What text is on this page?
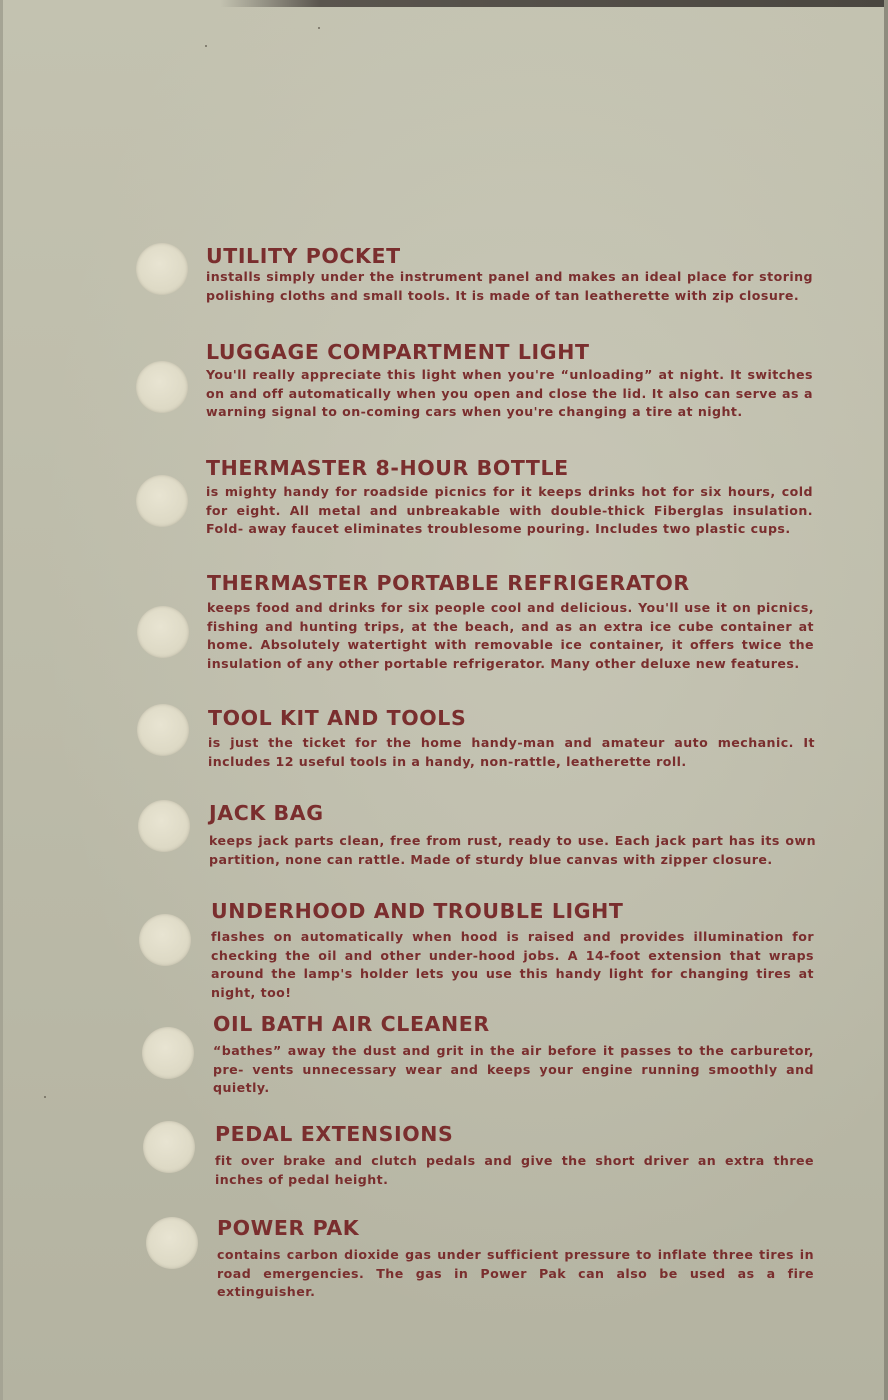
UTILITY POCKET

installs simply under the instrument panel and makes an ideal place for storing polishing cloths and small tools. It is made of tan leatherette with zip closure.

LUGGAGE COMPARTMENT LIGHT

You'll really appreciate this light when you're “unloading” at night. It switches on and off automatically when you open and close the lid. It also can serve as a warning signal to on-coming cars when you're changing a tire at night.

THERMASTER 8-HOUR BOTTLE

is mighty handy for roadside picnics for it keeps drinks hot for six hours, cold for eight. All metal and unbreakable with double-thick Fiberglas insulation. Fold- away faucet eliminates troublesome pouring. Includes two plastic cups.

THERMASTER PORTABLE REFRIGERATOR

keeps food and drinks for six people cool and delicious. You'll use it on picnics, fishing and hunting trips, at the beach, and as an extra ice cube container at home. Absolutely watertight with removable ice container, it offers twice the insulation of any other portable refrigerator. Many other deluxe new features.

TOOL KIT AND TOOLS

is just the ticket for the home handy-man and amateur auto mechanic. It includes 12 useful tools in a handy, non-rattle, leatherette roll.

JACK BAG

keeps jack parts clean, free from rust, ready to use. Each jack part has its own partition, none can rattle. Made of sturdy blue canvas with zipper closure.

UNDERHOOD AND TROUBLE LIGHT

flashes on automatically when hood is raised and provides illumination for checking the oil and other under-hood jobs. A 14-foot extension that wraps around the lamp's holder lets you use this handy light for changing tires at night, too!

OIL BATH AIR CLEANER

“bathes” away the dust and grit in the air before it passes to the carburetor, pre- vents unnecessary wear and keeps your engine running smoothly and quietly.

PEDAL EXTENSIONS

fit over brake and clutch pedals and give the short driver an extra three inches of pedal height.

POWER PAK

contains carbon dioxide gas under sufficient pressure to inflate three tires in road emergencies. The gas in Power Pak can also be used as a fire extinguisher.
